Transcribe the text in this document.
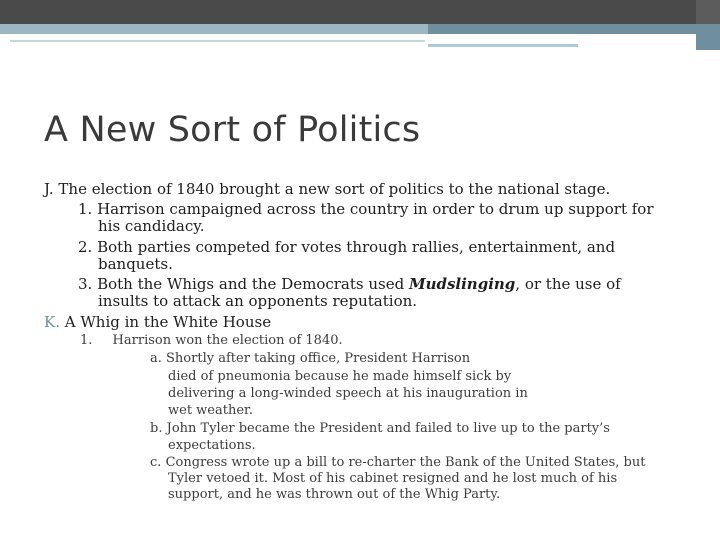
A New Sort of Politics
J. The election of 1840 brought a new sort of politics to the national stage.
1. Harrison campaigned across the country in order to drum up support for
his candidacy.
2. Both parties competed for votes through rallies, entertainment, and
banquets.
3. Both the Whigs and the Democrats used Mudslinging, or the use of
insults to attack an opponents reputation.
K. A Whig in the White House
1. Harrison won the election of 1840.
a. Shortly after taking office, President Harrison
died of pneumonia because he made himself sick by
delivering a long-winded speech at his inauguration in
wet weather.
b. John Tyler became the President and failed to live up to the party’s
expectations.
c. Congress wrote up a bill to re-charter the Bank of the United States, but
Tyler vetoed it. Most of his cabinet resigned and he lost much of his
support, and he was thrown out of the Whig Party.
